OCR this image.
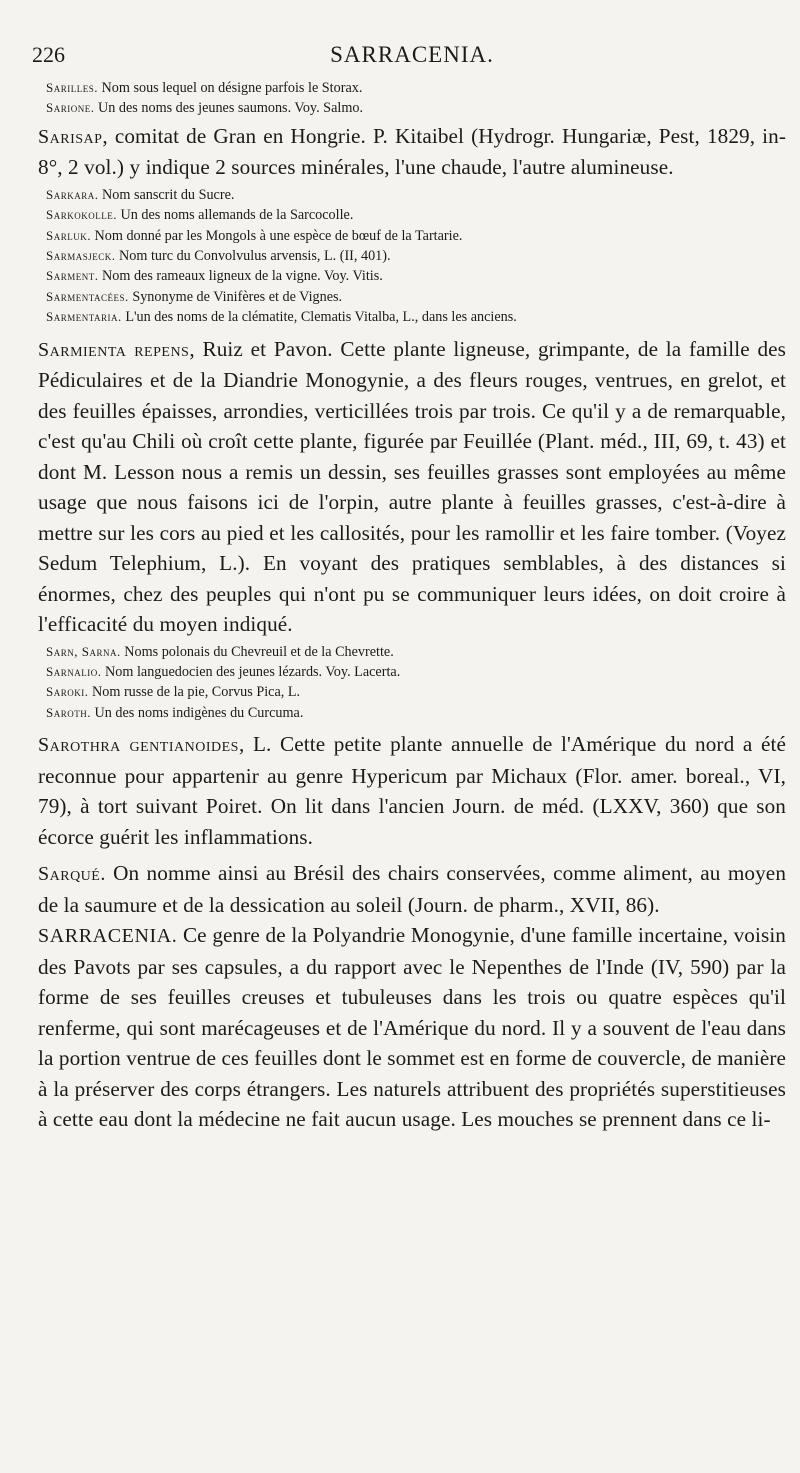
226	SARRACENIA.

Sarilles. Nom sous lequel on désigne parfois le Storax.

Sarione. Un des noms des jeunes saumons. Voy. Salmo.

Sarisap, comitat de Gran en Hongrie. P. Kitaibel (Hydrogr. Hungariæ, Pest, 1829, in-8°, 2 vol.) y indique 2 sources minérales, l'une chaude, l'autre alumineuse.

Sarkara. Nom sanscrit du Sucre.

Sarkokolle. Un des noms allemands de la Sarcocolle.

Sarluk. Nom donné par les Mongols à une espèce de bœuf de la Tartarie.

Sarmasjeck. Nom turc du Convolvulus arvensis, L. (II, 401).

Sarment. Nom des rameaux ligneux de la vigne. Voy. Vitis.

Sarmentacées. Synonyme de Vinifères et de Vignes.

Sarmentaria. L'un des noms de la clématite, Clematis Vitalba, L., dans les anciens.

Sarmienta repens, Ruiz et Pavon. Cette plante ligneuse, grimpante, de la famille des Pédiculaires et de la Diandrie Monogynie, a des fleurs rouges, ventrues, en grelot, et des feuilles épaisses, arrondies, verticillées trois par trois. Ce qu'il y a de remarquable, c'est qu'au Chili où croît cette plante, figurée par Feuillée (Plant. méd., III, 69, t. 43) et dont M. Lesson nous a remis un dessin, ses feuilles grasses sont employées au même usage que nous faisons ici de l'orpin, autre plante à feuilles grasses, c'est-à-dire à mettre sur les cors au pied et les callosités, pour les ramollir et les faire tomber. (Voyez Sedum Telephium, L.). En voyant des pratiques semblables, à des distances si énormes, chez des peuples qui n'ont pu se communiquer leurs idées, on doit croire à l'efficacité du moyen indiqué.

Sarn, Sarna. Noms polonais du Chevreuil et de la Chevrette.

Sarnalio. Nom languedocien des jeunes lézards. Voy. Lacerta.

Saroki. Nom russe de la pie, Corvus Pica, L.

Saroth. Un des noms indigènes du Curcuma.

Sarothra gentianoides, L. Cette petite plante annuelle de l'Amérique du nord a été reconnue pour appartenir au genre Hypericum par Michaux (Flor. amer. boreal., VI, 79), à tort suivant Poiret. On lit dans l'ancien Journ. de méd. (LXXV, 360) que son écorce guérit les inflammations.

Sarqué. On nomme ainsi au Brésil des chairs conservées, comme aliment, au moyen de la saumure et de la dessication au soleil (Journ. de pharm., XVII, 86).

SARRACENIA. Ce genre de la Polyandrie Monogynie, d'une famille incertaine, voisin des Pavots par ses capsules, a du rapport avec le Nepenthes de l'Inde (IV, 590) par la forme de ses feuilles creuses et tubuleuses dans les trois ou quatre espèces qu'il renferme, qui sont marécageuses et de l'Amérique du nord. Il y a souvent de l'eau dans la portion ventrue de ces feuilles dont le sommet est en forme de couvercle, de manière à la préserver des corps étrangers. Les naturels attribuent des propriétés superstitieuses à cette eau dont la médecine ne fait aucun usage. Les mouches se prennent dans ce li-
